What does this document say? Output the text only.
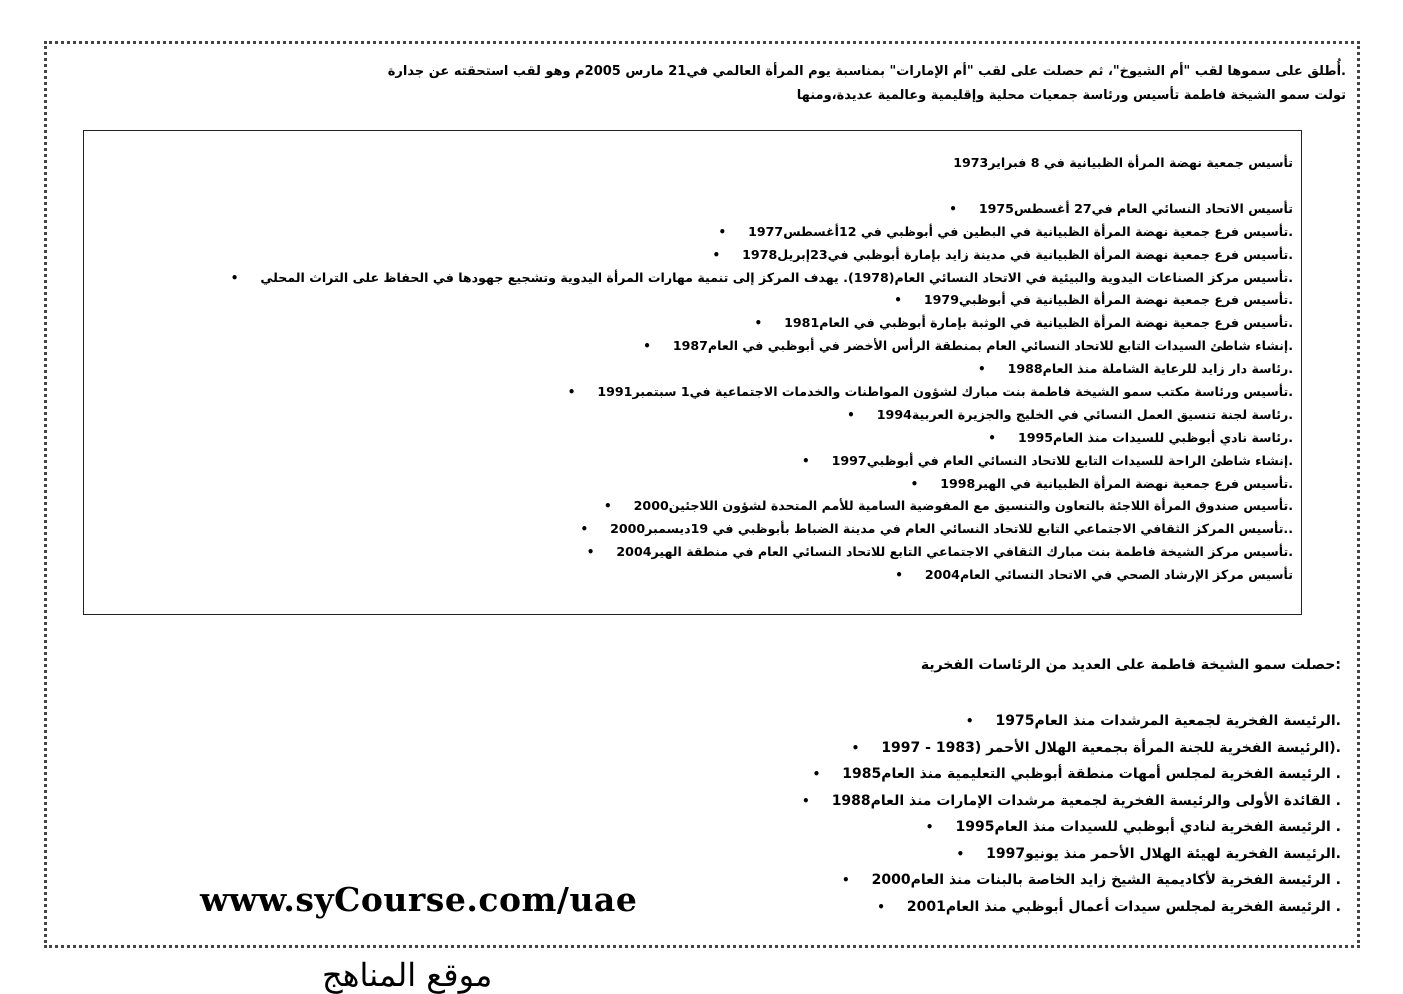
.أُطلق على سموها لقب "أم الشيوخ"، ثم حصلت على لقب "أم الإمارات" بمناسبة يوم المرأة العالمي في21 مارس 2005م وهو لقب استحقته عن جدارة
تولت سمو الشيخة فاطمة تأسيس ورئاسة جمعيات محلية وإقليمية وعالمية عديدة،ومنها
تأسيس جمعية نهضة المرأة الظبيانية في 8 فبراير1973
تأسيس الاتحاد النسائي العام في27 أغسطس1975•
.تأسيس فرع جمعية نهضة المرأة الظبيانية في البطين في أبوظبي في 12أغسطس1977•
.تأسيس فرع جمعية نهضة المرأة الظبيانية في مدينة زايد بإمارة أبوظبي في23إبريل1978•
.تأسيس مركز الصناعات اليدوية والبيئية في الاتحاد النسائي العام(1978). يهدف المركز إلى تنمية مهارات المرأة اليدوية وتشجيع جهودها في الحفاظ على التراث المحلي•
.تأسيس فرع جمعية نهضة المرأة الظبيانية في أبوظبي1979•
.تأسيس فرع جمعية نهضة المرأة الظبيانية في الوثبة بإمارة أبوظبي في العام1981•
.إنشاء شاطئ السيدات التابع للاتحاد النسائي العام بمنطقة الرأس الأخضر في أبوظبي في العام1987•
.رئاسة دار زايد للرعاية الشاملة منذ العام1988•
.تأسيس ورئاسة مكتب سمو الشيخة فاطمة بنت مبارك لشؤون المواطنات والخدمات الاجتماعية في1 سبتمبر1991•
.رئاسة لجنة تنسيق العمل النسائي في الخليج والجزيرة العربية1994•
.رئاسة نادي أبوظبي للسيدات منذ العام1995•
.إنشاء شاطئ الراحة للسيدات التابع للاتحاد النسائي العام في أبوظبي1997•
.تأسيس فرع جمعية نهضة المرأة الظبيانية في الهير1998•
.تأسيس صندوق المرأة اللاجئة بالتعاون والتنسيق مع المفوضية السامية للأمم المتحدة لشؤون اللاجئين2000•
..تأسيس المركز الثقافي الاجتماعي التابع للاتحاد النسائي العام في مدينة الضباط بأبوظبي في 19ديسمبر2000•
.تأسيس مركز الشيخة فاطمة بنت مبارك الثقافي الاجتماعي التابع للاتحاد النسائي العام في منطقة الهير2004•
تأسيس مركز الإرشاد الصحي في الاتحاد النسائي العام2004•
:حصلت سمو الشيخة فاطمة على العديد من الرئاسات الفخرية
.الرئيسة الفخرية لجمعية المرشدات منذ العام1975•
.(الرئيسة الفخرية للجنة المرأة بجمعية الهلال الأحمر (1983 - 1997•
. الرئيسة الفخرية لمجلس أمهات منطقة أبوظبي التعليمية منذ العام1985•
. القائدة الأولى والرئيسة الفخرية لجمعية مرشدات الإمارات منذ العام1988•
. الرئيسة الفخرية لنادي أبوظبي للسيدات منذ العام1995•
.الرئيسة الفخرية لهيئة الهلال الأحمر منذ يونيو1997•
. الرئيسة الفخرية لأكاديمية الشيخ زايد الخاصة بالبنات منذ العام2000•
. الرئيسة الفخرية لمجلس سيدات أعمال أبوظبي منذ العام2001•
www.syCourse.com/uae
موقع المناهج
